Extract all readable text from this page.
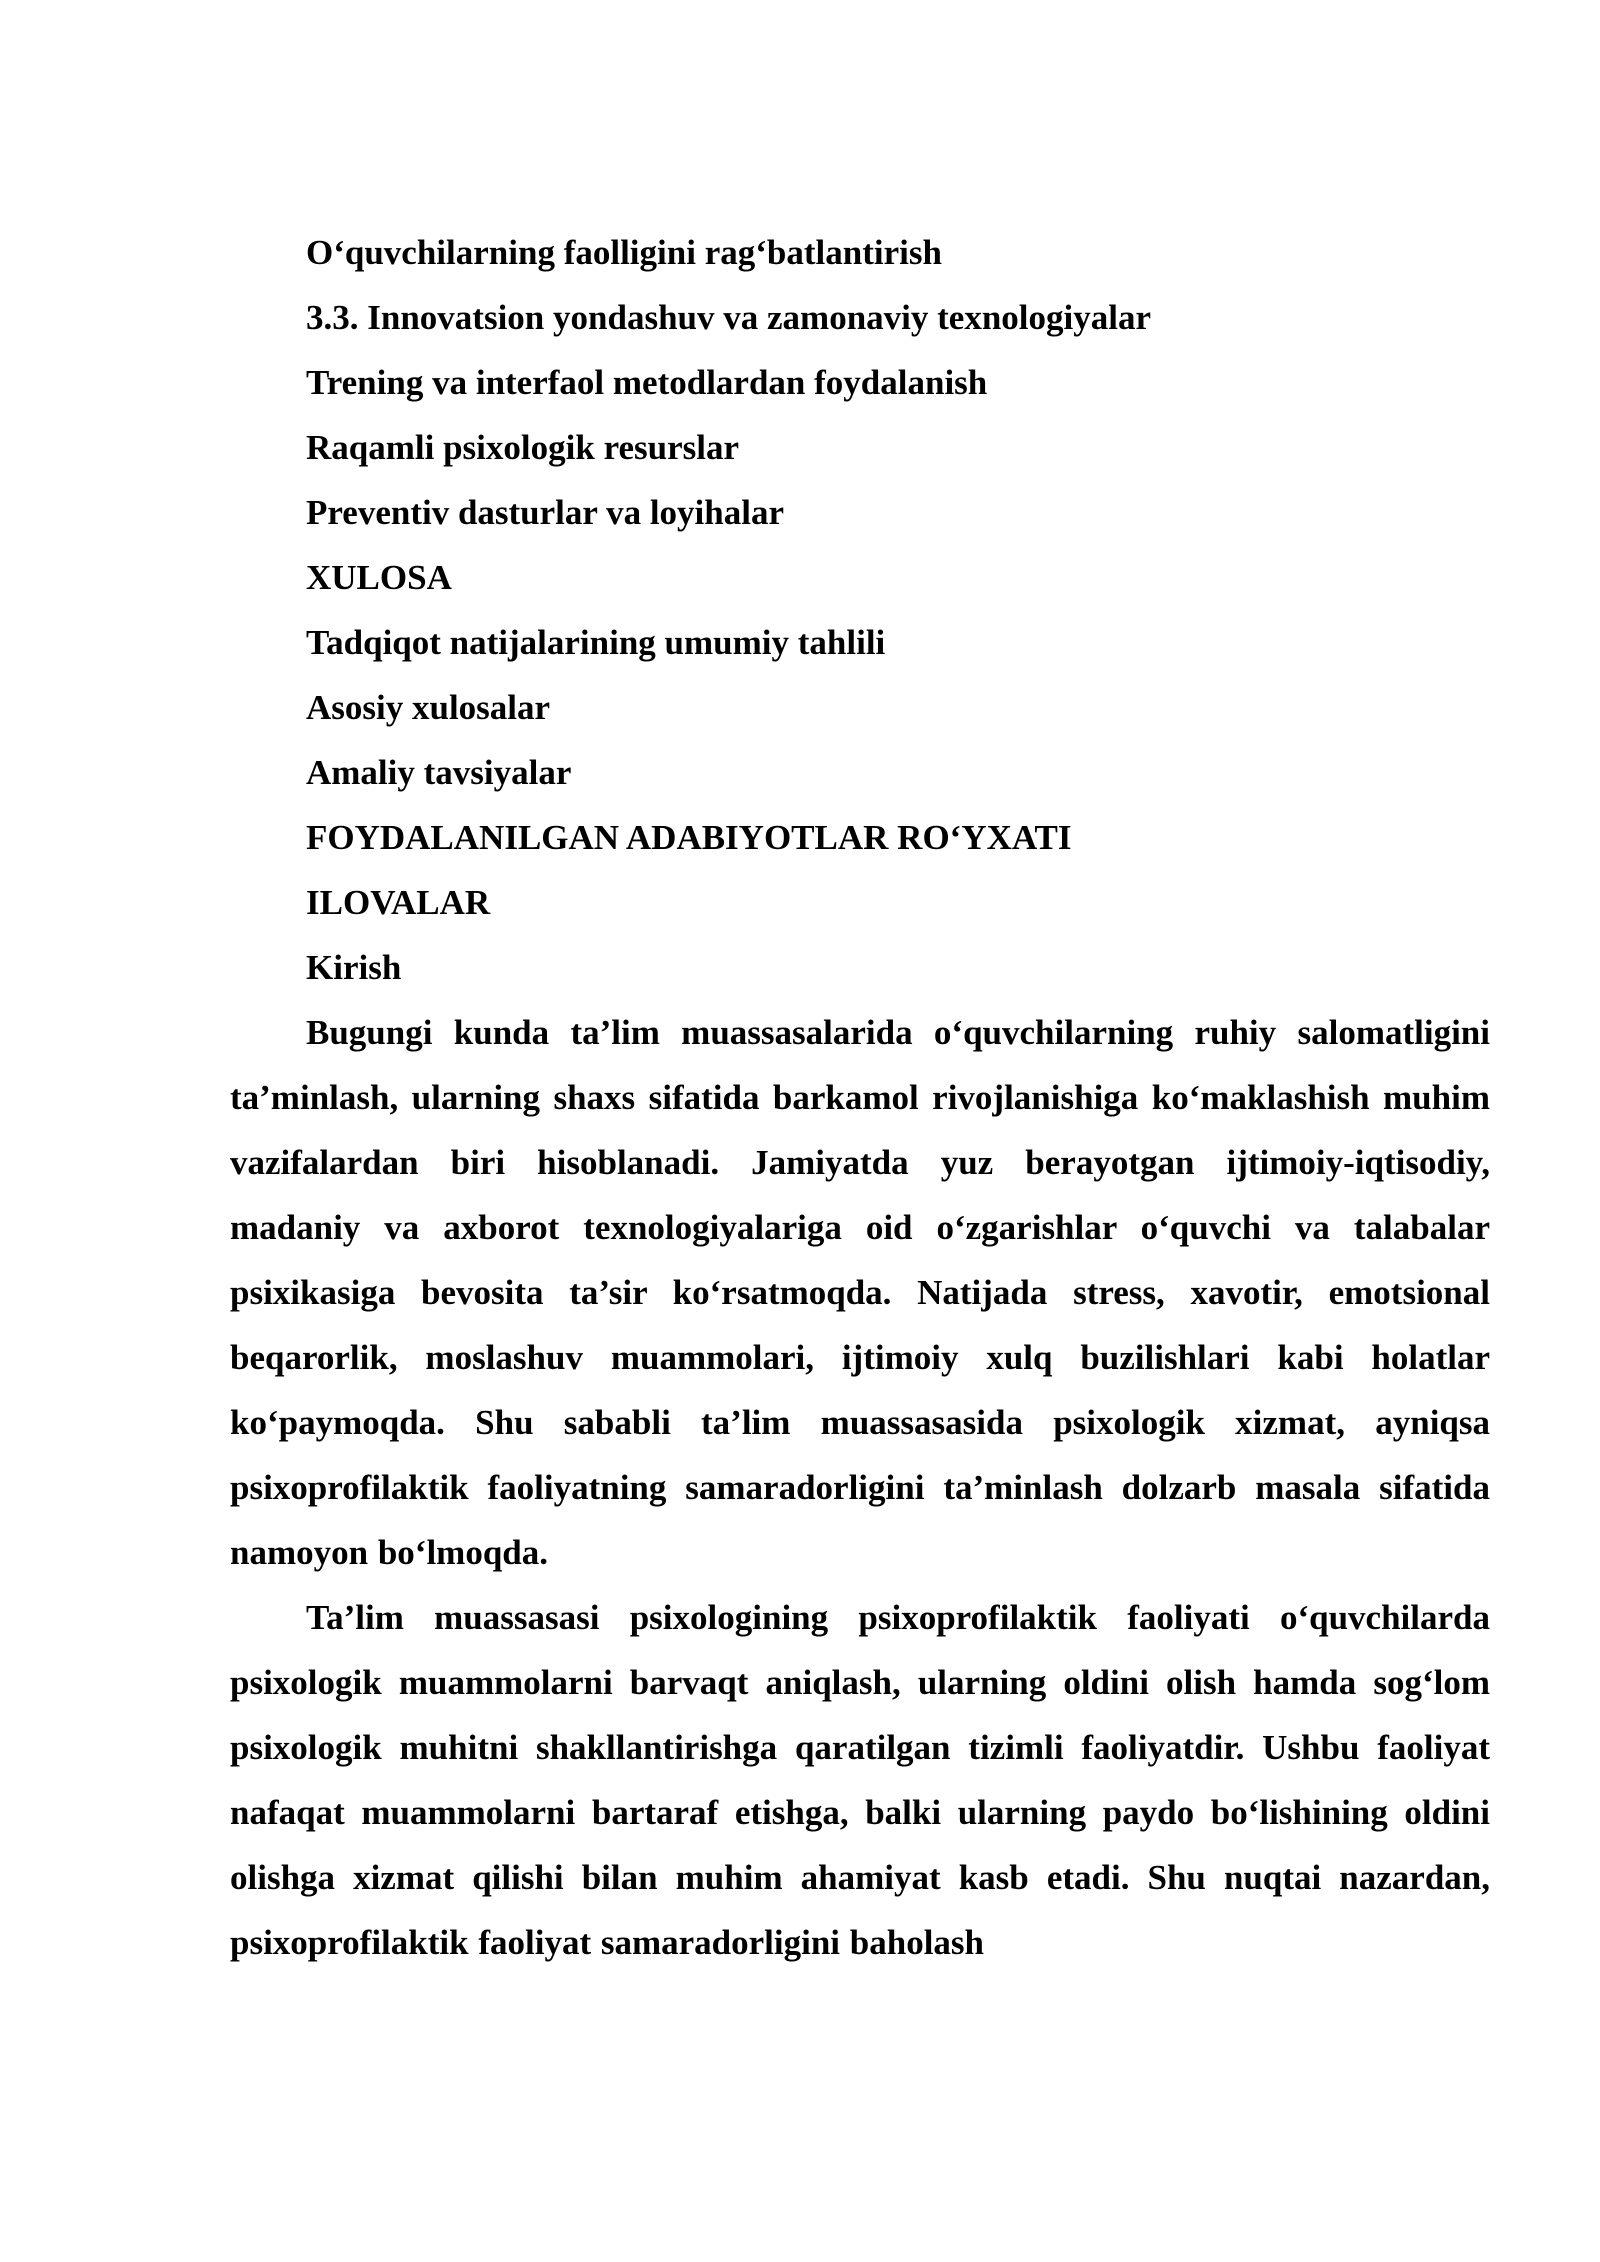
O‘quvchilarning faolligini rag‘batlantirish
3.3. Innovatsion yondashuv va zamonaviy texnologiyalar
Trening va interfaol metodlardan foydalanish
Raqamli psixologik resurslar
Preventiv dasturlar va loyihalar
XULOSA
Tadqiqot natijalarining umumiy tahlili
Asosiy xulosalar
Amaliy tavsiyalar
FOYDALANILGAN ADABIYOTLAR RO‘YXATI
ILOVALAR
Kirish

Bugungi kunda ta’lim muassasalarida o‘quvchilarning ruhiy salomatligini ta’minlash, ularning shaxs sifatida barkamol rivojlanishiga ko‘maklashish muhim vazifalardan biri hisoblanadi. Jamiyatda yuz berayotgan ijtimoiy-iqtisodiy, madaniy va axborot texnologiyalariga oid o‘zgarishlar o‘quvchi va talabalar psixikasiga bevosita ta’sir ko‘rsatmoqda. Natijada stress, xavotir, emotsional beqarorlik, moslashuv muammolari, ijtimoiy xulq buzilishlari kabi holatlar ko‘paymoqda. Shu sababli ta’lim muassasasida psixologik xizmat, ayniqsa psixoprofilaktik faoliyatning samaradorligini ta’minlash dolzarb masala sifatida namoyon bo‘lmoqda.

Ta’lim muassasasi psixologining psixoprofilaktik faoliyati o‘quvchilarda psixologik muammolarni barvaqt aniqlash, ularning oldini olish hamda sog‘lom psixologik muhitni shakllantirishga qaratilgan tizimli faoliyatdir. Ushbu faoliyat nafaqat muammolarni bartaraf etishga, balki ularning paydo bo‘lishining oldini olishga xizmat qilishi bilan muhim ahamiyat kasb etadi. Shu nuqtai nazardan, psixoprofilaktik faoliyat samaradorligini baholash
